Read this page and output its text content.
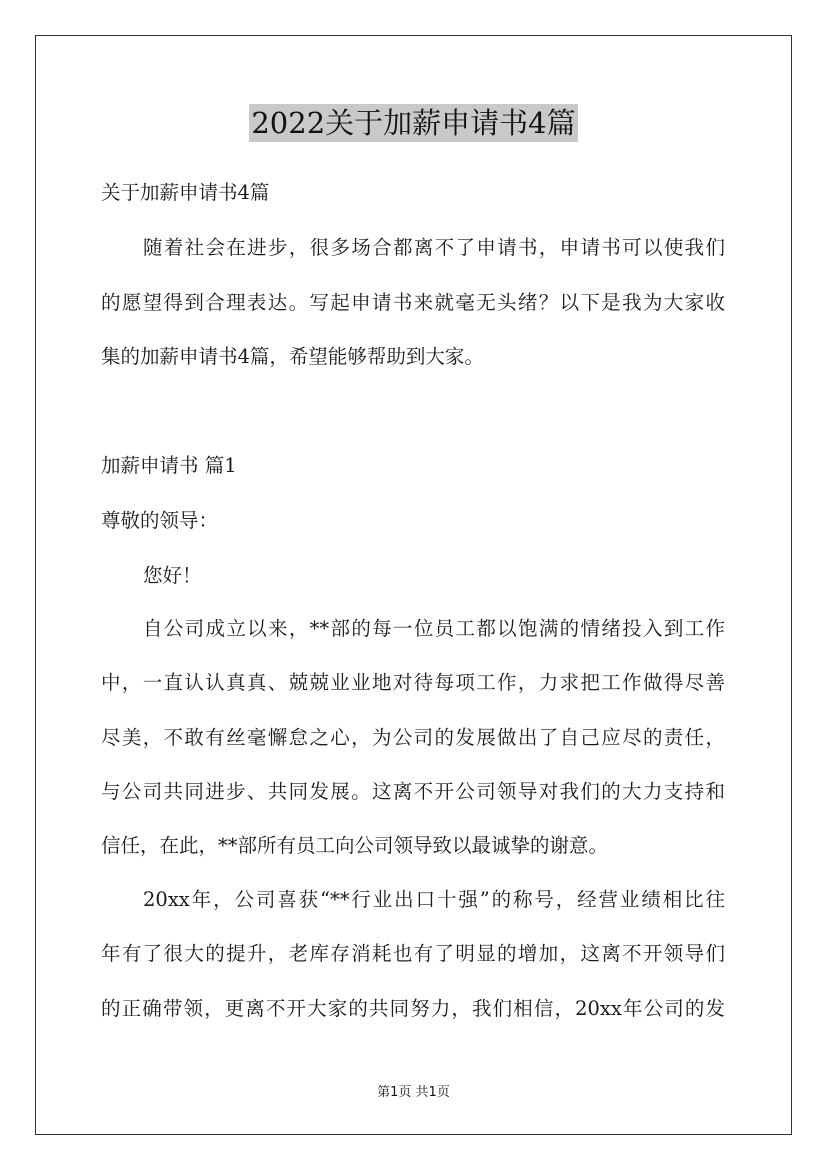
2022关于加薪申请书4篇
关于加薪申请书4篇
随着社会在进步，很多场合都离不了申请书，申请书可以使我们
的愿望得到合理表达。写起申请书来就毫无头绪？以下是我为大家收
集的加薪申请书4篇，希望能够帮助到大家。
加薪申请书 篇1
尊敬的领导：
您好！
自公司成立以来，**部的每一位员工都以饱满的情绪投入到工作
中，一直认认真真、兢兢业业地对待每项工作，力求把工作做得尽善
尽美，不敢有丝毫懈怠之心，为公司的发展做出了自己应尽的责任，
与公司共同进步、共同发展。这离不开公司领导对我们的大力支持和
信任，在此，**部所有员工向公司领导致以最诚挚的谢意。
20xx年，公司喜获“**行业出口十强”的称号，经营业绩相比往
年有了很大的提升，老库存消耗也有了明显的增加，这离不开领导们
的正确带领，更离不开大家的共同努力，我们相信，20xx年公司的发
第1页 共1页
